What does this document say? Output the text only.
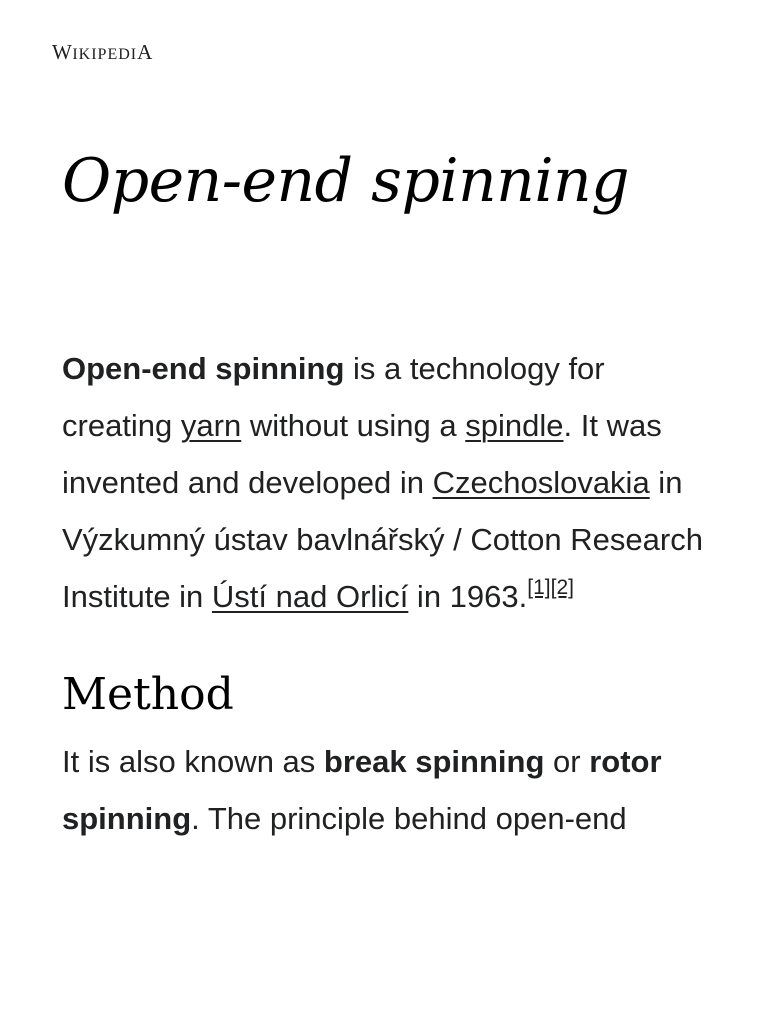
WIKIPEDIA
Open-end spinning

Open-end spinning is a technology for creating yarn without using a spindle. It was invented and developed in Czechoslovakia in Výzkumný ústav bavlnářský / Cotton Research Institute in Ústí nad Orlicí in 1963.[1][2]

Method

It is also known as break spinning or rotor spinning. The principle behind open-end
